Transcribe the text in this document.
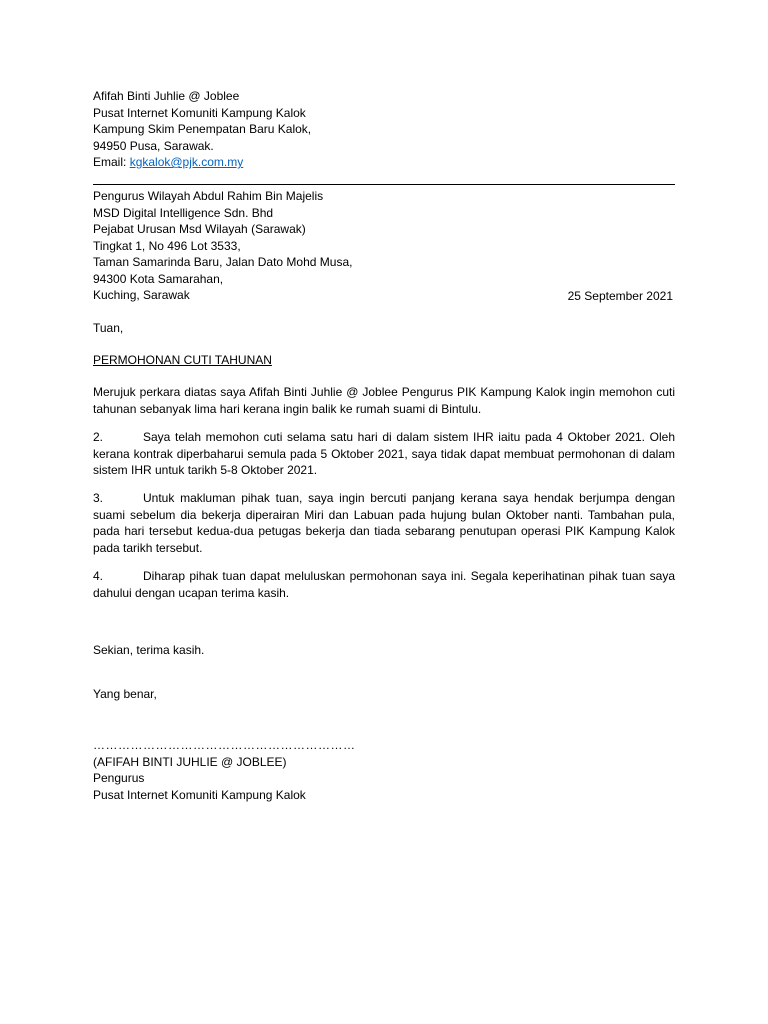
Afifah Binti Juhlie @ Joblee
Pusat Internet Komuniti Kampung Kalok
Kampung Skim Penempatan Baru Kalok,
94950 Pusa, Sarawak.
Email: kgkalok@pjk.com.my
Pengurus Wilayah Abdul Rahim Bin Majelis
MSD Digital Intelligence Sdn. Bhd
Pejabat Urusan Msd Wilayah (Sarawak)
Tingkat 1, No 496 Lot 3533,
Taman Samarinda Baru, Jalan Dato Mohd Musa,
94300 Kota Samarahan,
Kuching, Sarawak	25 September 2021
Tuan,
PERMOHONAN CUTI TAHUNAN
Merujuk perkara diatas saya Afifah Binti Juhlie @ Joblee Pengurus PIK Kampung Kalok ingin memohon cuti tahunan sebanyak lima hari kerana ingin balik ke rumah suami di Bintulu.
2.	Saya telah memohon cuti selama satu hari di dalam sistem IHR iaitu pada 4 Oktober 2021. Oleh kerana kontrak diperbaharui semula pada 5 Oktober 2021, saya tidak dapat membuat permohonan di dalam sistem IHR untuk tarikh 5-8 Oktober 2021.
3.	Untuk makluman pihak tuan, saya ingin bercuti panjang kerana saya hendak berjumpa dengan suami sebelum dia bekerja diperairan Miri dan Labuan pada hujung bulan Oktober nanti. Tambahan pula, pada hari tersebut kedua-dua petugas bekerja dan tiada sebarang penutupan operasi PIK Kampung Kalok pada tarikh tersebut.
4.	Diharap pihak tuan dapat meluluskan permohonan saya ini. Segala keperihatinan pihak tuan saya dahului dengan ucapan terima kasih.
Sekian, terima kasih.
Yang benar,
………………………………………………………
(AFIFAH BINTI JUHLIE @ JOBLEE)
Pengurus
Pusat Internet Komuniti Kampung Kalok
